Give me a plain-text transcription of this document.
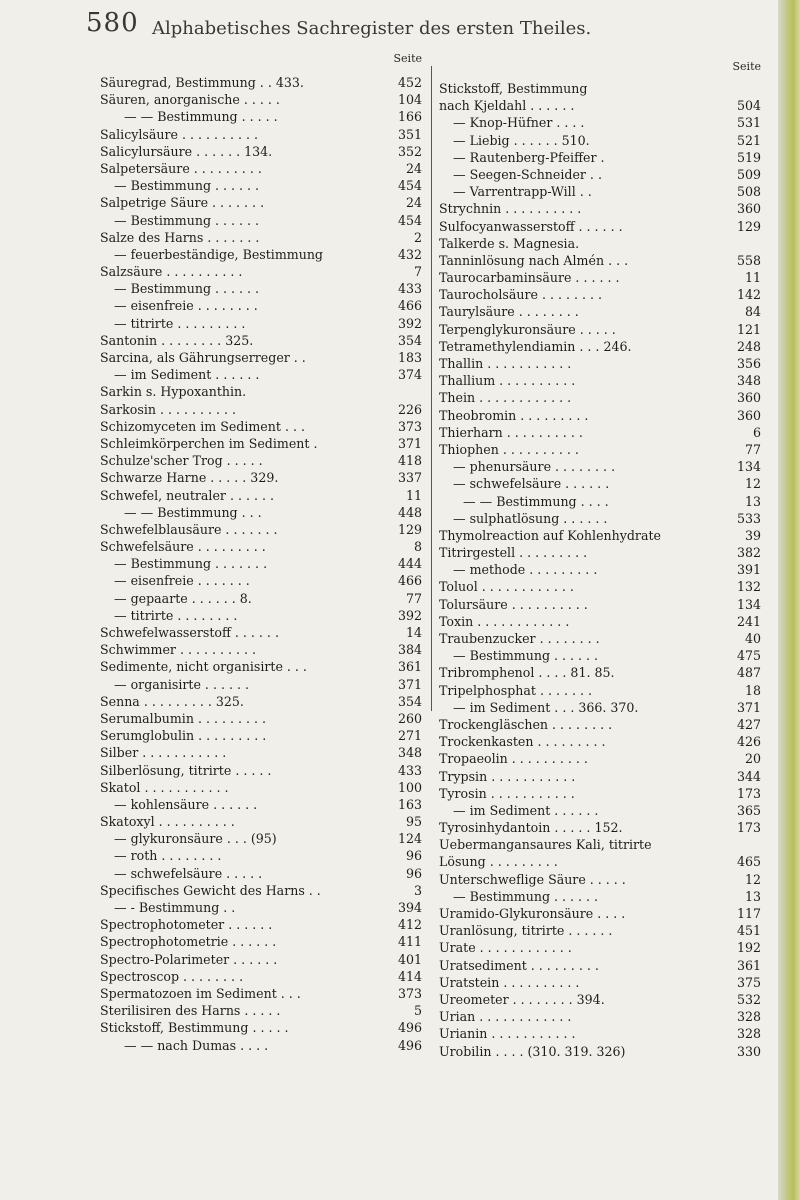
580 Alphabetisches Sachregister des ersten Theiles.
Seite
Säuregrad, Bestimmung . . 433.	452
Säuren, anorganische . . . . .	104
— — Bestimmung . . . . .	166
Salicylsäure . . . . . . . . . .	351
Salicylursäure . . . . . . 134.	352
Salpetersäure . . . . . . . . .	24
— Bestimmung . . . . . .	454
Salpetrige Säure . . . . . . .	24
— Bestimmung . . . . . .	454
Salze des Harns . . . . . . .	2
— feuerbeständige, Bestimmung	432
Salzsäure . . . . . . . . . .	7
— Bestimmung . . . . . .	433
— eisenfreie . . . . . . . .	466
— titrirte . . . . . . . . .	392
Santonin . . . . . . . . 325.	354
Sarcina, als Gährungserreger . .	183
— im Sediment . . . . . .	374
Sarkin s. Hypoxanthin.
Sarkosin . . . . . . . . . .	226
Schizomyceten im Sediment . . .	373
Schleimkörperchen im Sediment .	371
Schulze'scher Trog . . . . .	418
Schwarze Harne . . . . . 329.	337
Schwefel, neutraler . . . . . .	11
— — Bestimmung . . .	448
Schwefelblausäure . . . . . . .	129
Schwefelsäure . . . . . . . . .	8
— Bestimmung . . . . . . .	444
— eisenfreie . . . . . . .	466
— gepaarte . . . . . . 8.	77
— titrirte . . . . . . . .	392
Schwefelwasserstoff . . . . . .	14
Schwimmer . . . . . . . . . .	384
Sedimente, nicht organisirte . . .	361
— organisirte . . . . . .	371
Senna . . . . . . . . . 325.	354
Serumalbumin . . . . . . . . .	260
Serumglobulin . . . . . . . . .	271
Silber . . . . . . . . . . .	348
Silberlösung, titrirte . . . . .	433
Skatol . . . . . . . . . . .	100
— kohlensäure . . . . . .	163
Skatoxyl . . . . . . . . . .	95
— glykuronsäure . . . (95)	124
— roth . . . . . . . .	96
— schwefelsäure . . . . .	96
Specifisches Gewicht des Harns . .	3
— - Bestimmung . .	394
Spectrophotometer . . . . . .	412
Spectrophotometrie . . . . . .	411
Spectro-Polarimeter . . . . . .	401
Spectroscop . . . . . . . .	414
Spermatozoen im Sediment . . .	373
Sterilisiren des Harns . . . . .	5
Stickstoff, Bestimmung . . . . .	496
— — nach Dumas . . . .	496
Seite
Stickstoff, Bestimmung
nach Kjeldahl . . . . . .	504
— Knop-Hüfner . . . .	531
— Liebig . . . . . . 510.	521
— Rautenberg-Pfeiffer .	519
— Seegen-Schneider . .	509
— Varrentrapp-Will . .	508
Strychnin . . . . . . . . . .	360
Sulfocyanwasserstoff . . . . . .	129
Talkerde s. Magnesia.
Tanninlösung nach Almén . . .	558
Taurocarbaminsäure . . . . . .	11
Taurocholsäure . . . . . . . .	142
Taurylsäure . . . . . . . .	84
Terpenglykuronsäure . . . . .	121
Tetramethylendiamin . . . 246.	248
Thallin . . . . . . . . . . .	356
Thallium . . . . . . . . . .	348
Thein . . . . . . . . . . . .	360
Theobromin . . . . . . . . .	360
Thierharn . . . . . . . . . .	6
Thiophen . . . . . . . . . .	77
— phenursäure . . . . . . . .	134
— schwefelsäure . . . . . .	12
— — Bestimmung . . . .	13
— sulphatlösung . . . . . .	533
Thymolreaction auf Kohlenhydrate	39
Titrirgestell . . . . . . . . .	382
— methode . . . . . . . . .	391
Toluol . . . . . . . . . . . .	132
Tolursäure . . . . . . . . . .	134
Toxin . . . . . . . . . . . .	241
Traubenzucker . . . . . . . .	40
— Bestimmung . . . . . .	475
Tribromphenol . . . . 81. 85.	487
Tripelphosphat . . . . . . .	18
— im Sediment . . . 366. 370.	371
Trockengläschen . . . . . . . .	427
Trockenkasten . . . . . . . . .	426
Tropaeolin . . . . . . . . . .	20
Trypsin . . . . . . . . . . .	344
Tyrosin . . . . . . . . . . .	173
— im Sediment . . . . . .	365
Tyrosinhydantoin . . . . . 152.	173
Uebermangansaures Kali, titrirte
Lösung . . . . . . . . .	465
Unterschweflige Säure . . . . .	12
— Bestimmung . . . . . .	13
Uramido-Glykuronsäure . . . .	117
Uranlösung, titrirte . . . . . .	451
Urate . . . . . . . . . . . .	192
Uratsediment . . . . . . . . .	361
Uratstein . . . . . . . . . .	375
Ureometer . . . . . . . . 394.	532
Urian . . . . . . . . . . . .	328
Urianin . . . . . . . . . . .	328
Urobilin . . . . (310. 319. 326)	330
